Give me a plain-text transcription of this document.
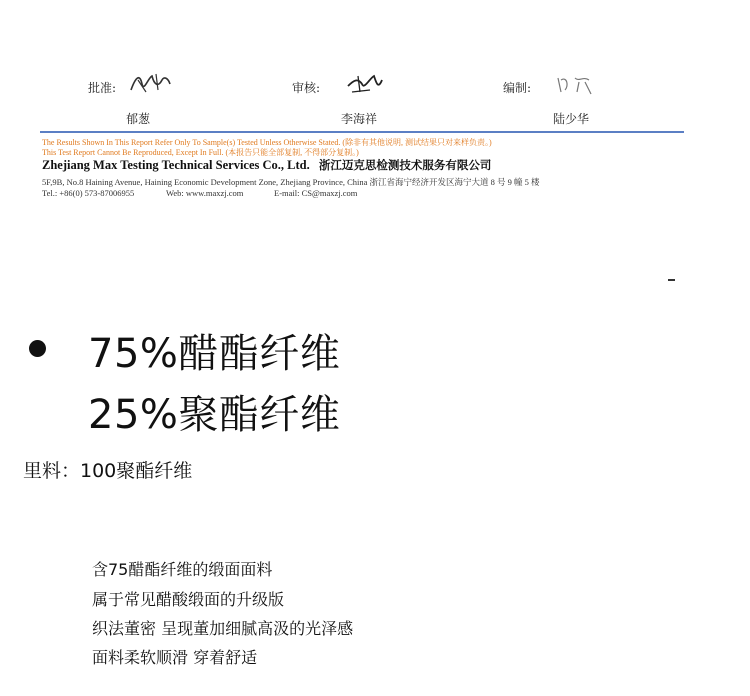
批准:
郁葱
审核:
李海祥
编制:
陆少华
The Results Shown In This Report Refer Only To Sample(s) Tested Unless Otherwise Stated. (除非有其他说明, 测试结果只对来样负责。)
This Test Report Cannot Be Reproduced, Except In Full. (本报告只能全部复制, 不得部分复制。)
Zhejiang Max Testing Technical Services Co., Ltd. 浙江迈克思检测技术服务有限公司
5F,9B, No.8 Haining Avenue, Haining Economic Development Zone, Zhejiang Province, China 浙江省海宁经济开发区海宁大道 8 号 9 幢 5 楼
Tel.: +86(0) 573-87006955	Web: www.maxzj.com	E-mail: CS@maxzj.com
75%醋酯纤维
25%聚酯纤维
里料：100聚酯纤维
含75醋酯纤维的缎面面料
属于常见醋酸缎面的升级版
织法董密 呈现董加细腻高汲的光泽感
面料柔软顺滑 穿着舒适
